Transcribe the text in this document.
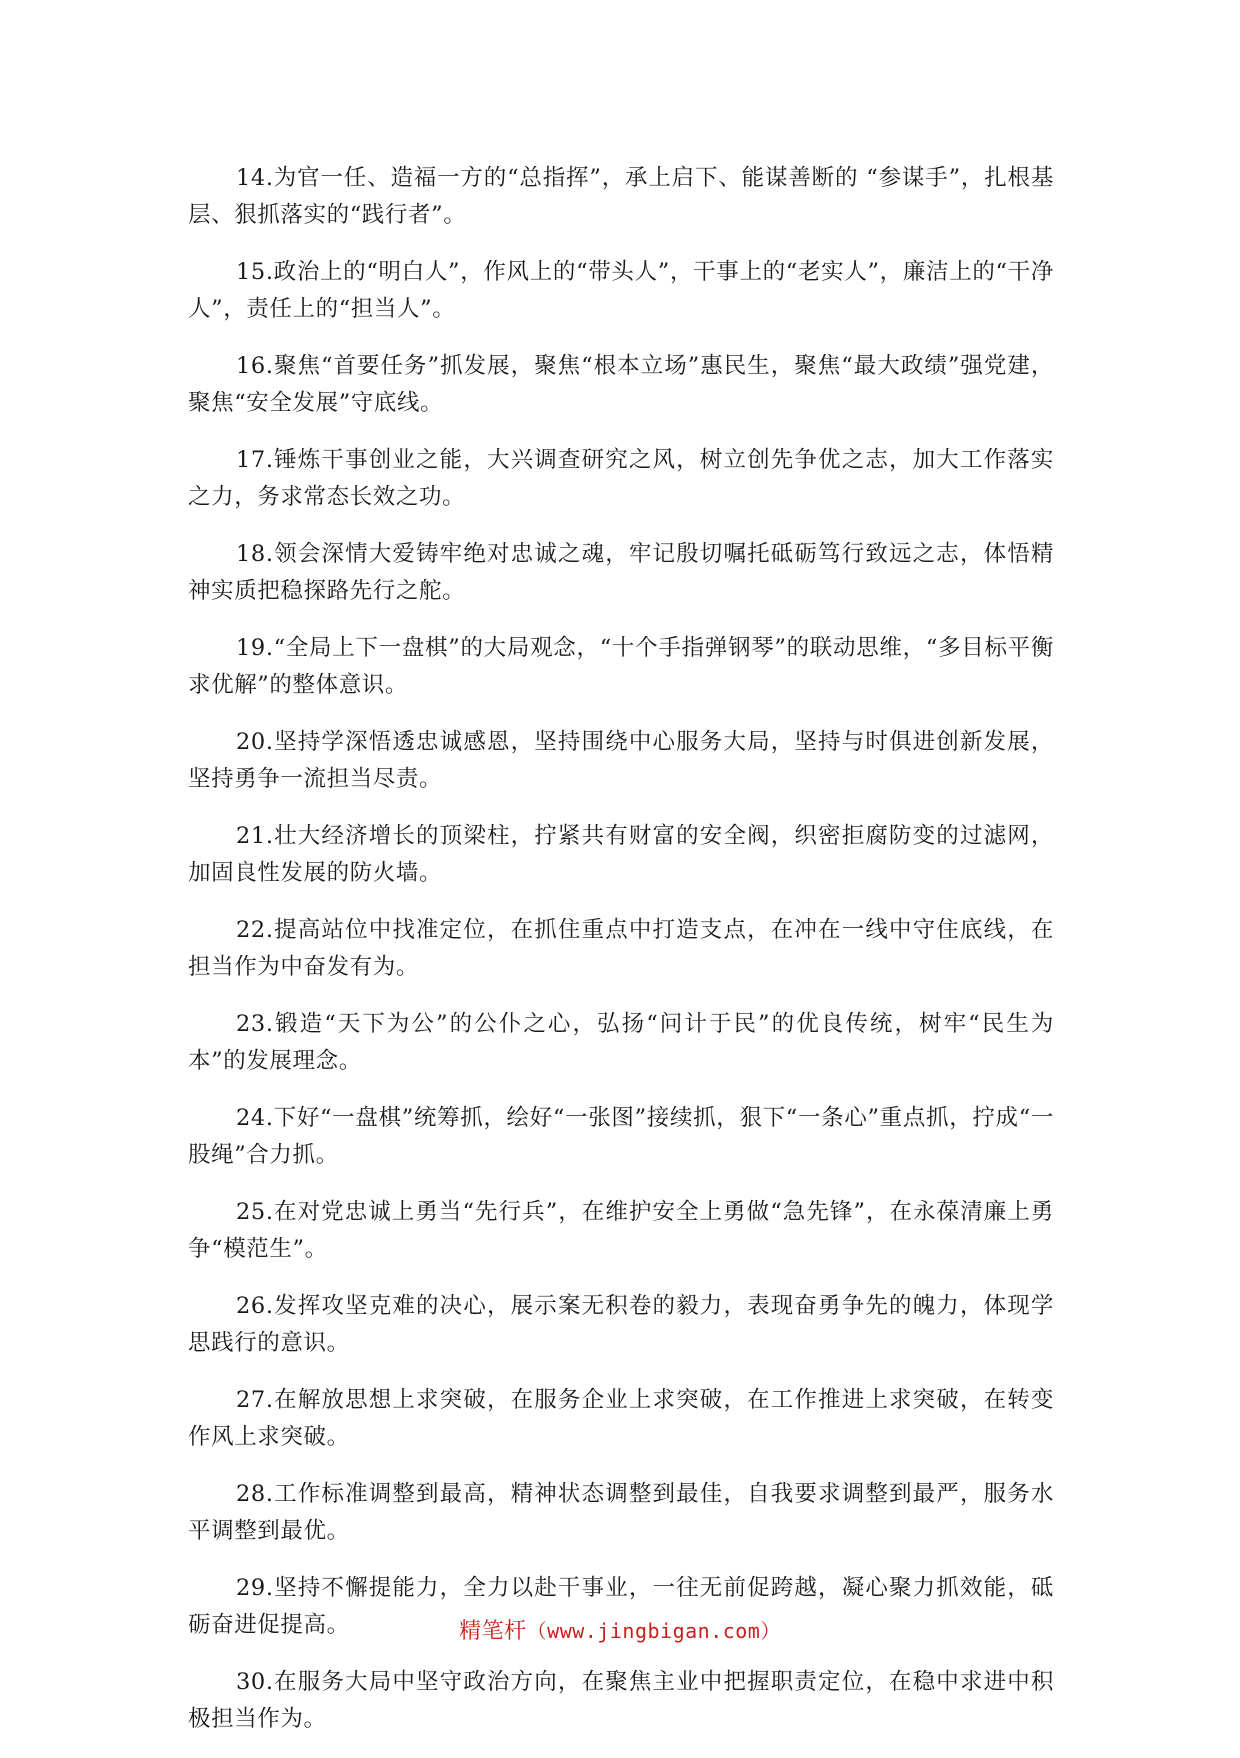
14.为官一任、造福一方的“总指挥”，承上启下、能谋善断的 “参谋手”，扎根基层、狠抓落实的“践行者”。

15.政治上的“明白人”，作风上的“带头人”，干事上的“老实人”，廉洁上的“干净人”，责任上的“担当人”。

16.聚焦“首要任务”抓发展，聚焦“根本立场”惠民生，聚焦“最大政绩”强党建，聚焦“安全发展”守底线。

17.锤炼干事创业之能，大兴调查研究之风，树立创先争优之志，加大工作落实之力，务求常态长效之功。

18.领会深情大爱铸牢绝对忠诚之魂，牢记殷切嘱托砥砺笃行致远之志，体悟精神实质把稳探路先行之舵。

19.“全局上下一盘棋”的大局观念，“十个手指弹钢琴”的联动思维，“多目标平衡求优解”的整体意识。

20.坚持学深悟透忠诚感恩，坚持围绕中心服务大局，坚持与时俱进创新发展，坚持勇争一流担当尽责。

21.壮大经济增长的顶梁柱，拧紧共有财富的安全阀，织密拒腐防变的过滤网，加固良性发展的防火墙。

22.提高站位中找准定位，在抓住重点中打造支点，在冲在一线中守住底线，在担当作为中奋发有为。

23.锻造“天下为公”的公仆之心，弘扬“问计于民”的优良传统，树牢“民生为本”的发展理念。

24.下好“一盘棋”统筹抓，绘好“一张图”接续抓，狠下“一条心”重点抓，拧成“一股绳”合力抓。

25.在对党忠诚上勇当“先行兵”，在维护安全上勇做“急先锋”，在永葆清廉上勇争“模范生”。

26.发挥攻坚克难的决心，展示案无积卷的毅力，表现奋勇争先的魄力，体现学思践行的意识。

27.在解放思想上求突破，在服务企业上求突破，在工作推进上求突破，在转变作风上求突破。

28.工作标准调整到最高，精神状态调整到最佳，自我要求调整到最严，服务水平调整到最优。

29.坚持不懈提能力，全力以赴干事业，一往无前促跨越，凝心聚力抓效能，砥砺奋进促提高。

30.在服务大局中坚守政治方向，在聚焦主业中把握职责定位，在稳中求进中积极担当作为。

精笔杆（www.jingbigan.com）
